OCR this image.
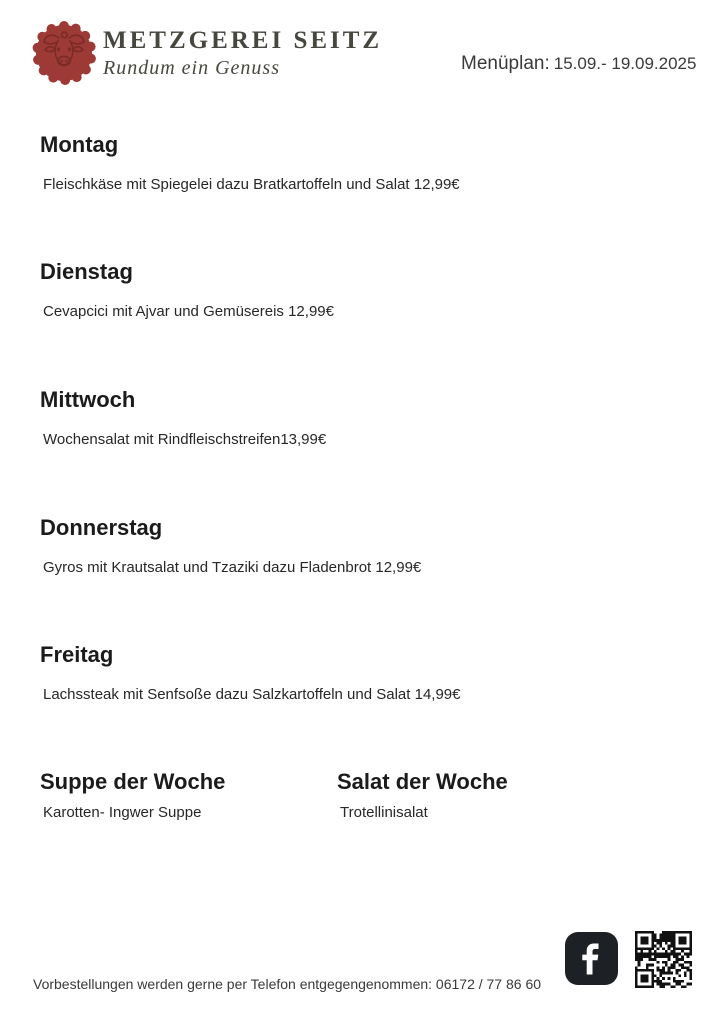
METZGEREI SEITZ
Rundum ein Genuss	Menüplan: 15.09.- 19.09.2025
Montag
Fleischkäse mit Spiegelei dazu Bratkartoffeln und Salat 12,99€
Dienstag
Cevapcici mit Ajvar und Gemüsereis 12,99€
Mittwoch
Wochensalat mit Rindfleischstreifen13,99€
Donnerstag
Gyros mit Krautsalat und Tzaziki dazu Fladenbrot 12,99€
Freitag
Lachssteak mit Senfsoße dazu Salzkartoffeln und Salat 14,99€
Suppe der Woche
Karotten- Ingwer Suppe
Salat der Woche
Trotellinisalat
Vorbestellungen werden gerne per Telefon entgegengenommen: 06172 / 77 86 60
